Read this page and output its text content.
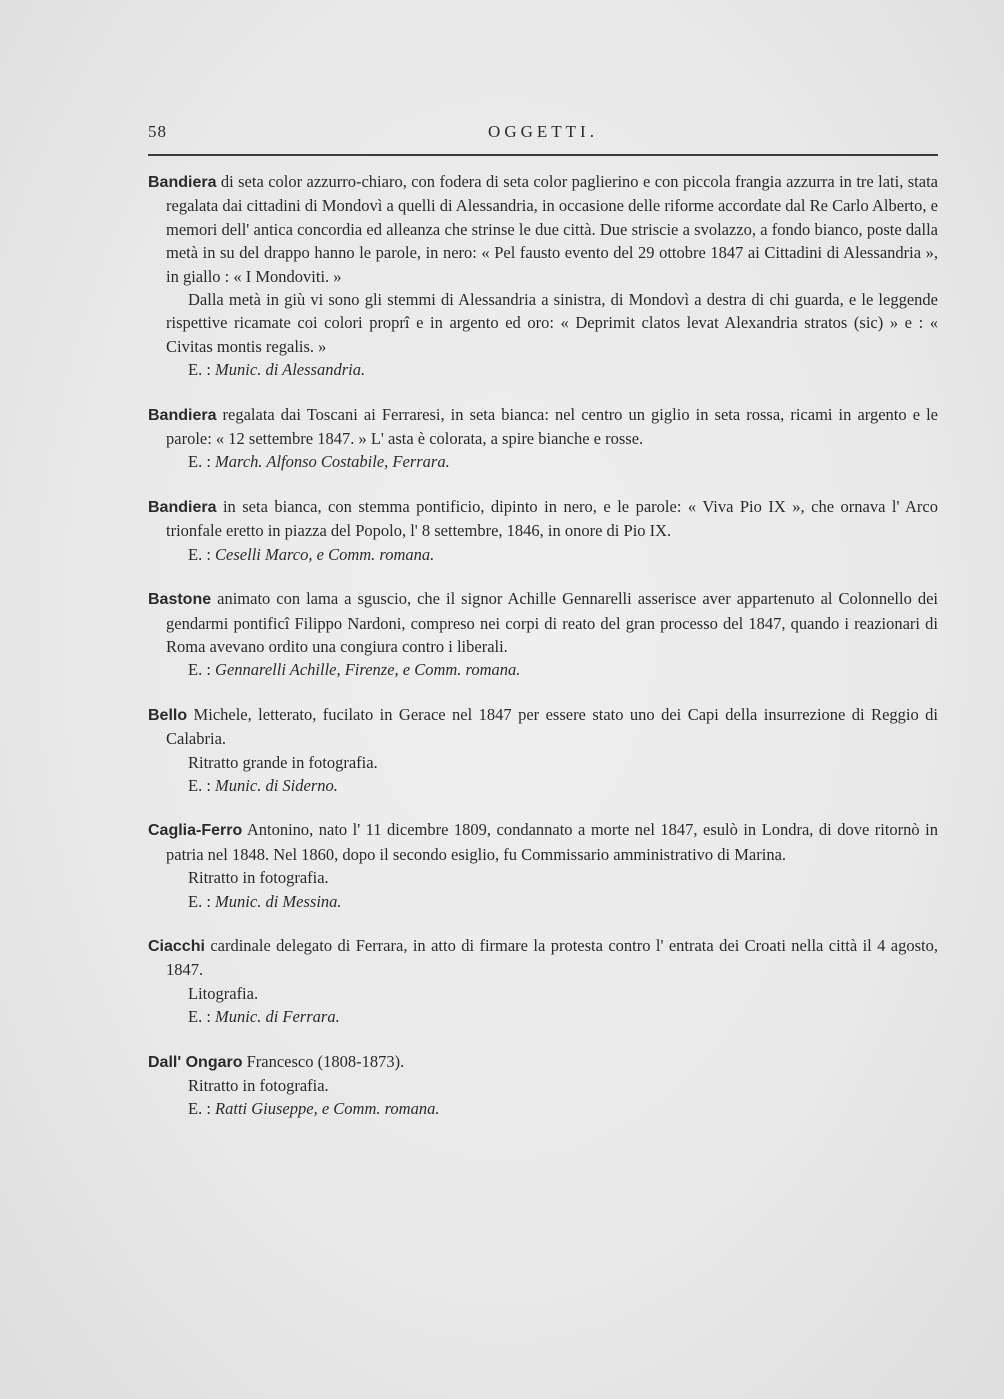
58	OGGETTI.

Bandiera di seta color azzurro-chiaro, con fodera di seta color paglierino e con piccola frangia azzurra in tre lati, stata regalata dai cittadini di Mondovì a quelli di Alessandria, in occasione delle riforme accordate dal Re Carlo Alberto, e memori dell' antica concordia ed alleanza che strinse le due città. Due striscie a svolazzo, a fondo bianco, poste dalla metà in su del drappo hanno le parole, in nero: « Pel fausto evento del 29 ottobre 1847 ai Cittadini di Alessandria », in giallo : « I Mondoviti. »

Dalla metà in giù vi sono gli stemmi di Alessandria a sinistra, di Mondovì a destra di chi guarda, e le leggende rispettive ricamate coi colori proprî e in argento ed oro: « Deprimit clatos levat Alexandria stratos (sic) » e : « Civitas montis regalis. »

E. : Munic. di Alessandria.

Bandiera regalata dai Toscani ai Ferraresi, in seta bianca: nel centro un giglio in seta rossa, ricami in argento e le parole: « 12 settembre 1847. » L' asta è colorata, a spire bianche e rosse.

E. : March. Alfonso Costabile, Ferrara.

Bandiera in seta bianca, con stemma pontificio, dipinto in nero, e le parole: « Viva Pio IX », che ornava l' Arco trionfale eretto in piazza del Popolo, l' 8 settembre, 1846, in onore di Pio IX.

E. : Ceselli Marco, e Comm. romana.

Bastone animato con lama a sguscio, che il signor Achille Gennarelli asserisce aver appartenuto al Colonnello dei gendarmi pontificî Filippo Nardoni, compreso nei corpi di reato del gran processo del 1847, quando i reazionari di Roma avevano ordito una congiura contro i liberali.

E. : Gennarelli Achille, Firenze, e Comm. romana.

Bello Michele, letterato, fucilato in Gerace nel 1847 per essere stato uno dei Capi della insurrezione di Reggio di Calabria.

Ritratto grande in fotografia.

E. : Munic. di Siderno.

Caglia-Ferro Antonino, nato l' 11 dicembre 1809, condannato a morte nel 1847, esulò in Londra, di dove ritornò in patria nel 1848. Nel 1860, dopo il secondo esiglio, fu Commissario amministrativo di Marina.

Ritratto in fotografia.

E. : Munic. di Messina.

Ciacchi cardinale delegato di Ferrara, in atto di firmare la protesta contro l' entrata dei Croati nella città il 4 agosto, 1847.

Litografia.

E. : Munic. di Ferrara.

Dall' Ongaro Francesco (1808-1873).

Ritratto in fotografia.

E. : Ratti Giuseppe, e Comm. romana.
